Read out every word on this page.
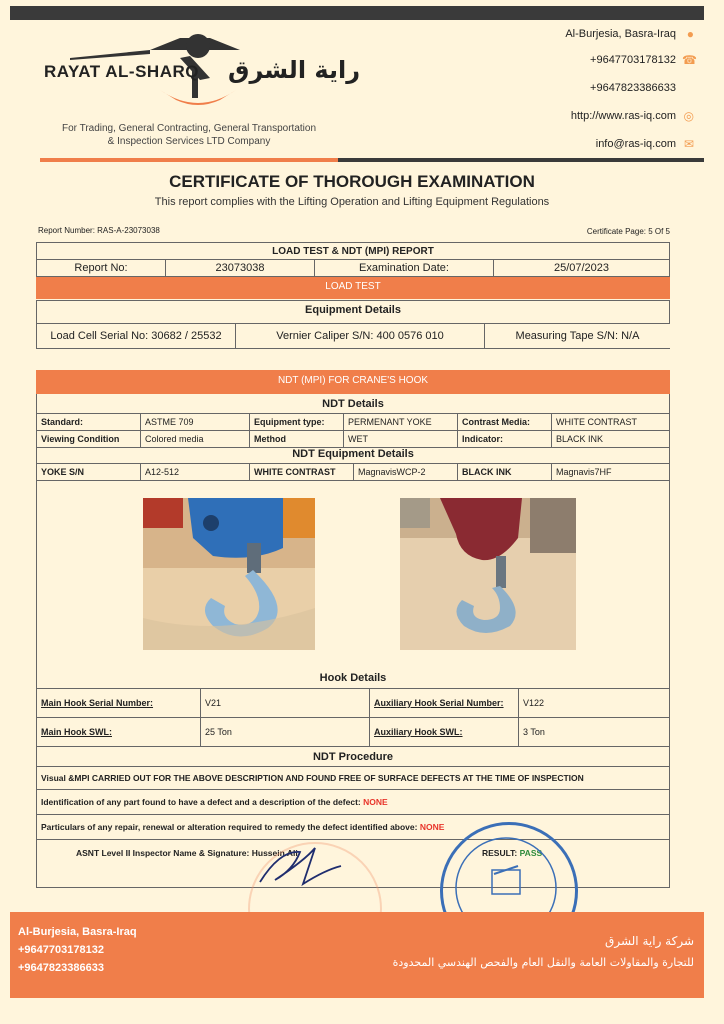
RAYAT AL-SHARQ راية الشرق
For Trading, General Contracting, General Transportation
& Inspection Services LTD Company
Al-Burjesia, Basra-Iraq ●
+9647703178132 ☎
+9647823386633
http://www.ras-iq.com ◎
info@ras-iq.com ✉
CERTIFICATE OF THOROUGH EXAMINATION
This report complies with the Lifting Operation and Lifting Equipment Regulations
Report Number: RAS-A-23073038	Certificate Page: 5 Of 5
LOAD TEST & NDT (MPI) REPORT
Report No:	23073038	Examination Date:	25/07/2023
LOAD TEST
Equipment Details
Load Cell Serial No: 30682 / 25532	Vernier Caliper S/N: 400 0576 010	Measuring Tape S/N: N/A
NDT (MPI) FOR CRANE'S HOOK
NDT Details
Standard:	ASTME 709	Equipment type:	PERMENANT YOKE	Contrast Media:	WHITE CONTRAST
Viewing Condition	Colored media	Method	WET	Indicator:	BLACK INK
NDT Equipment Details
YOKE S/N	A12-512	WHITE CONTRAST	MagnavisWCP-2	BLACK INK	Magnavis7HF
Hook Details
Main Hook Serial Number:	V21	Auxiliary Hook Serial Number:	V122
Main Hook SWL:	25 Ton	Auxiliary Hook SWL:	3 Ton
NDT Procedure
Visual &MPI CARRIED OUT FOR THE ABOVE DESCRIPTION AND FOUND FREE OF SURFACE DEFECTS AT THE TIME OF INSPECTION
Identification of any part found to have a defect and a description of the defect: NONE
Particulars of any repair, renewal or alteration required to remedy the defect identified above: NONE
ASNT Level II Inspector Name & Signature: Hussein Ali	RESULT: PASS
Al-Burjesia, Basra-Iraq
+9647703178132
+9647823386633
شركة راية الشرق
للتجارة والمقاولات العامة والنقل العام والفحص الهندسي المحدودة
